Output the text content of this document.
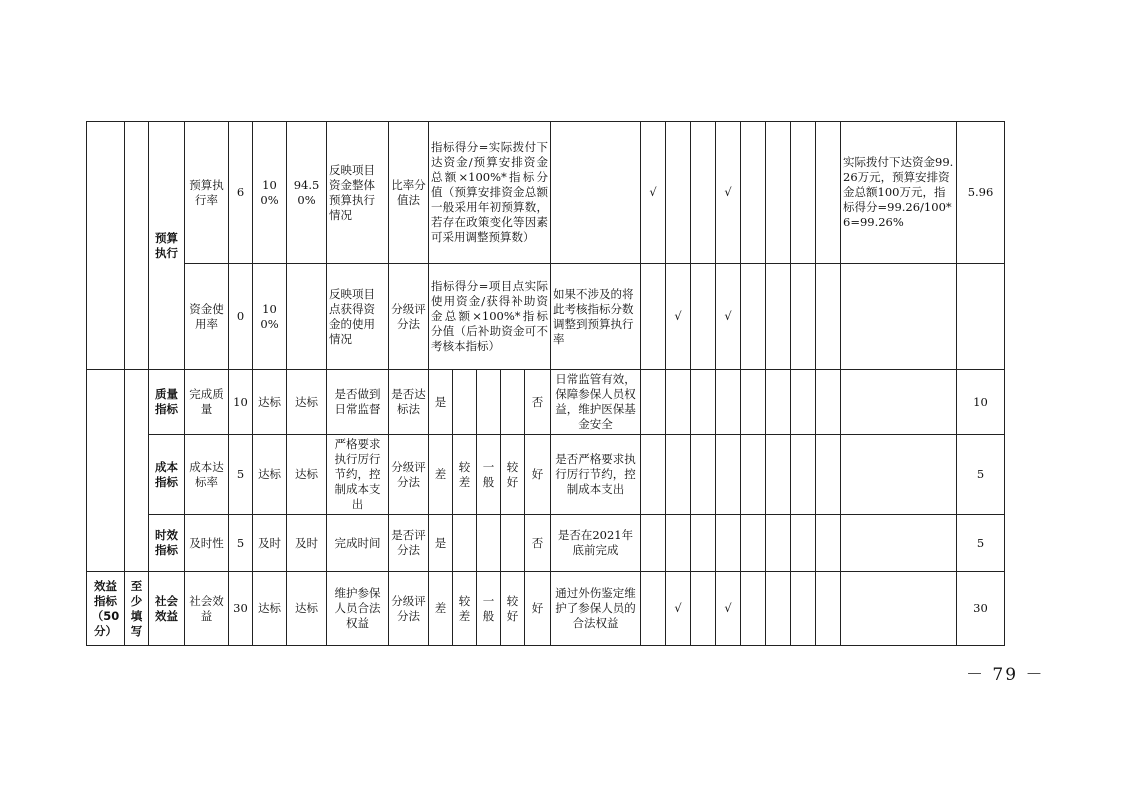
		预算执行	预算执行率	6	100%	94.50%	反映项目资金整体预算执行情况	比率分值法	指标得分=实际拨付下达资金/预算安排资金总额×100%*指标分值（预算安排资金总额一般采用年初预算数，若存在政策变化等因素可采用调整预算数）						√			√					实际拨付下达资金99.26万元，预算安排资金总额100万元，指标得分=99.26/100*6=99.26%	5.96
			资金使用率	0	100%		反映项目点获得资金的使用情况	分级评分法	指标得分=项目点实际使用资金/获得补助资金总额×100%*指标分值（后补助资金可不考核本指标）					如果不涉及的将此考核指标分数调整到预算执行率		√		√						
		质量指标	完成质量	10	达标	达标	是否做到日常监督	是否达标法	是				否	日常监管有效，保障参保人员权益，维护医保基金安全										10
		成本指标	成本达标率	5	达标	达标	严格要求执行厉行节约，控制成本支出	分级评分法	差	较差	一般	较好	好	是否严格要求执行厉行节约，控制成本支出										5
		时效指标	及时性	5	及时	及时	完成时间	是否评分法	是				否	是否在2021年底前完成										5
效益指标（50分）	至少填写	社会效益	社会效益	30	达标	达标	维护参保人员合法权益	分级评分法	差	较差	一般	较好	好	通过外伤鉴定维护了参保人员的合法权益		√		√						30
－ 79 －
